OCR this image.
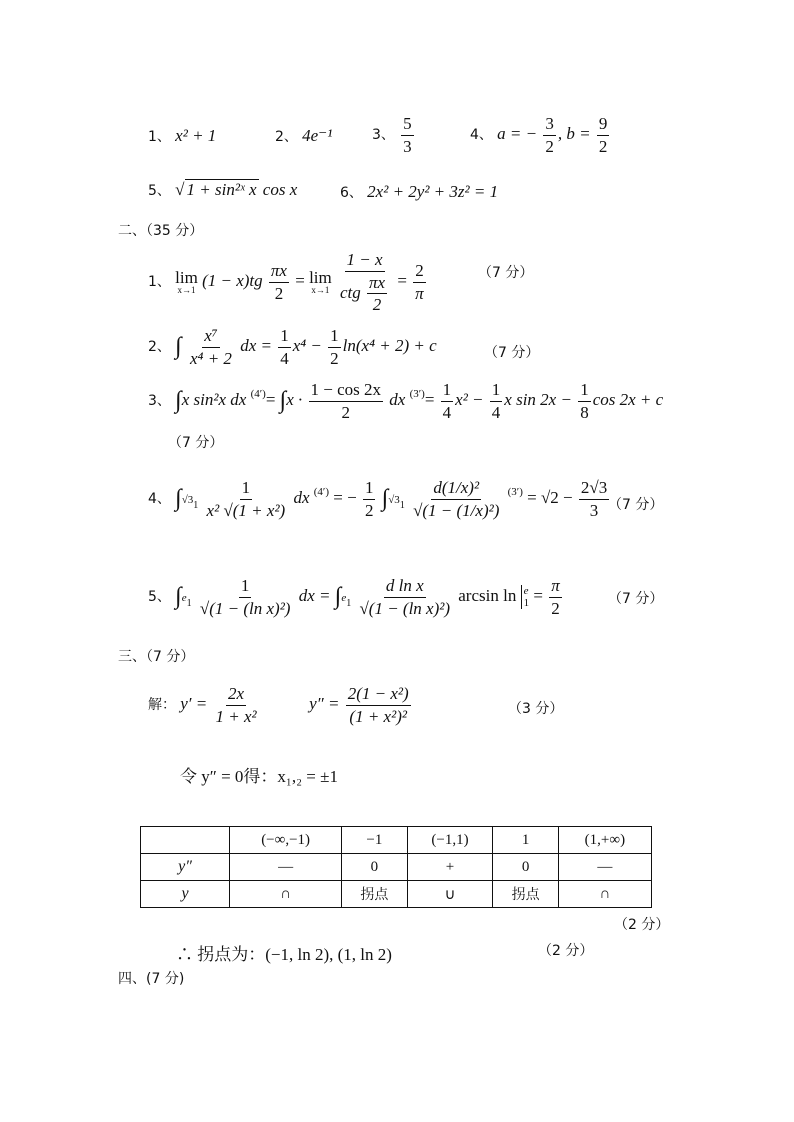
1、 x² + 1	2、 4e⁻¹	3、 $\frac{5}{3}$	4、 a = − $\frac{3}{2}$ , $b = \frac{9}{2}$
5、 √ 1 + sin²ˣ x cos x	6、 2x² + 2y² + 3z² = 1
二、（35 分）
1、 lim
x→1
$(1 - x)tg \frac{\pi x}{2} = \lim$
x→1

1 − x
ctg $\frac{\pi x}{2} = \frac{2}{\pi}$	（7 分）
2、 ∫ $\frac{\text{x⁷}}{\text{x⁴ + 2}}$ dx = $\frac{1}{4} x^4 - \frac{1}{2} \ln(x^4 + 2) + c$	（7 分）
3、 ∫x sin²x dx $^{(4')}= \int x \cdot \frac{1 - \cos 2x}{2}$ dx $^{(3')}= \frac{1}{4} x^2 - \frac{1}{4}$ x $\sin 2x - \frac{1}{8}$ cos 2x + c
（7 分）
4、 $\int√3_1 \frac{1}{\text{x² √(1 + x²)}}$ dx $^{(4')}$ = − $\frac{1}{2} \int√3_1 \frac{\text{d(1/x)²}}{\text{√(1 − (1/x)²)}} ^{(3')} = √2 - \frac{2√3}{3}$
（7 分）
5、 $\int e_1 \frac{1}{\text{√(1 − (ln x)²)}}$ dx = $\int e_1 \frac{\text{d ln x}}{\text{√(1 − (ln x)²)}}$ arcsin ln e
$1 = \frac{\pi}{2}$	（7 分）
三、（7 分）
解： $y' = \frac{2x}{\text{1 + x²}}$	$y'' = \frac{\text{2(1 − x²)}}{\text{(1 + x²)²}}$	（3 分）
令 y″ = 0得：x₁,₂ = ±1
	(−∞,−1)	−1	(−1,1)	1	(1,+∞)
y″	—	0	+	0	—
y	∩	拐点	∪	拐点	∩
（2 分）
∴ 拐点为：(−1, ln 2), (1, ln 2)	（2 分）
四、(7 分)
